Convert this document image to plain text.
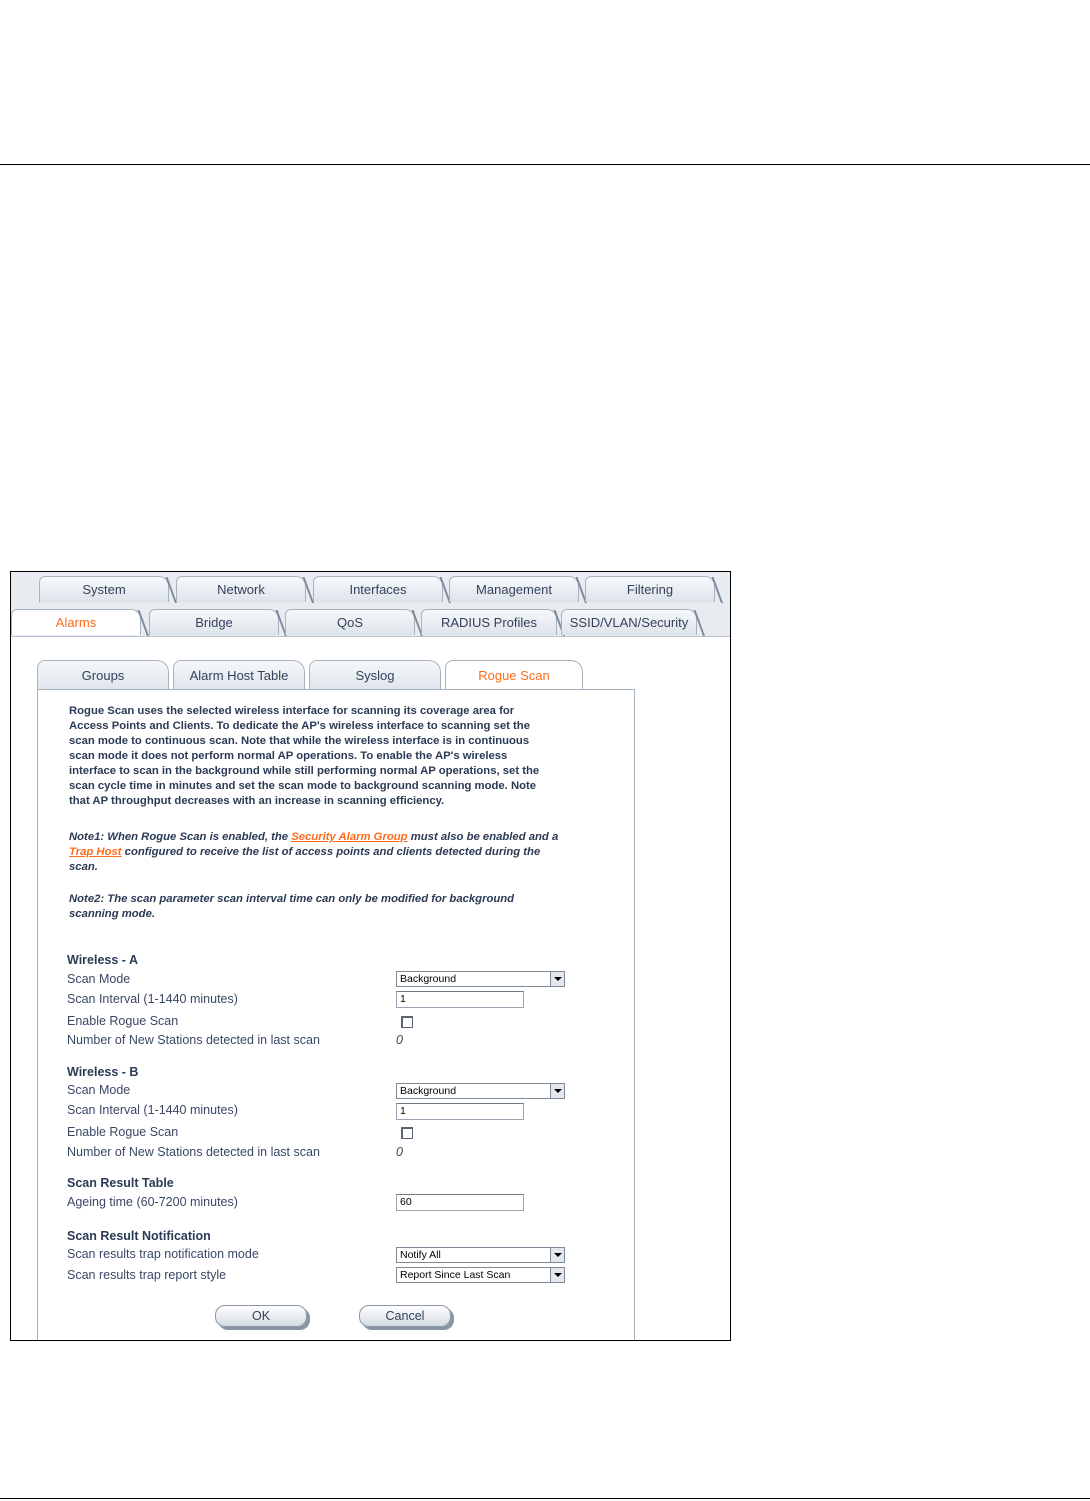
System	Network	Interfaces	Management	Filtering
Alarms	Bridge	QoS	RADIUS Profiles	SSID/VLAN/Security
Groups	Alarm Host Table	Syslog	Rogue Scan
Rogue Scan uses the selected wireless interface for scanning its coverage area for
Access Points and Clients. To dedicate the AP's wireless interface to scanning set the
scan mode to continuous scan. Note that while the wireless interface is in continuous
scan mode it does not perform normal AP operations. To enable the AP's wireless
interface to scan in the background while still performing normal AP operations, set the
scan cycle time in minutes and set the scan mode to background scanning mode. Note
that AP throughput decreases with an increase in scanning efficiency.
Note1: When Rogue Scan is enabled, the Security Alarm Group must also be enabled and a
Trap Host configured to receive the list of access points and clients detected during the
scan.
Note2: The scan parameter scan interval time can only be modified for background
scanning mode.
Wireless - A
Scan Mode	Background
Scan Interval (1-1440 minutes)	1
Enable Rogue Scan
Number of New Stations detected in last scan	0
Wireless - B
Scan Mode	Background
Scan Interval (1-1440 minutes)	1
Enable Rogue Scan
Number of New Stations detected in last scan	0
Scan Result Table
Ageing time (60-7200 minutes)	60
Scan Result Notification
Scan results trap notification mode	Notify All
Scan results trap report style	Report Since Last Scan
OK	Cancel
